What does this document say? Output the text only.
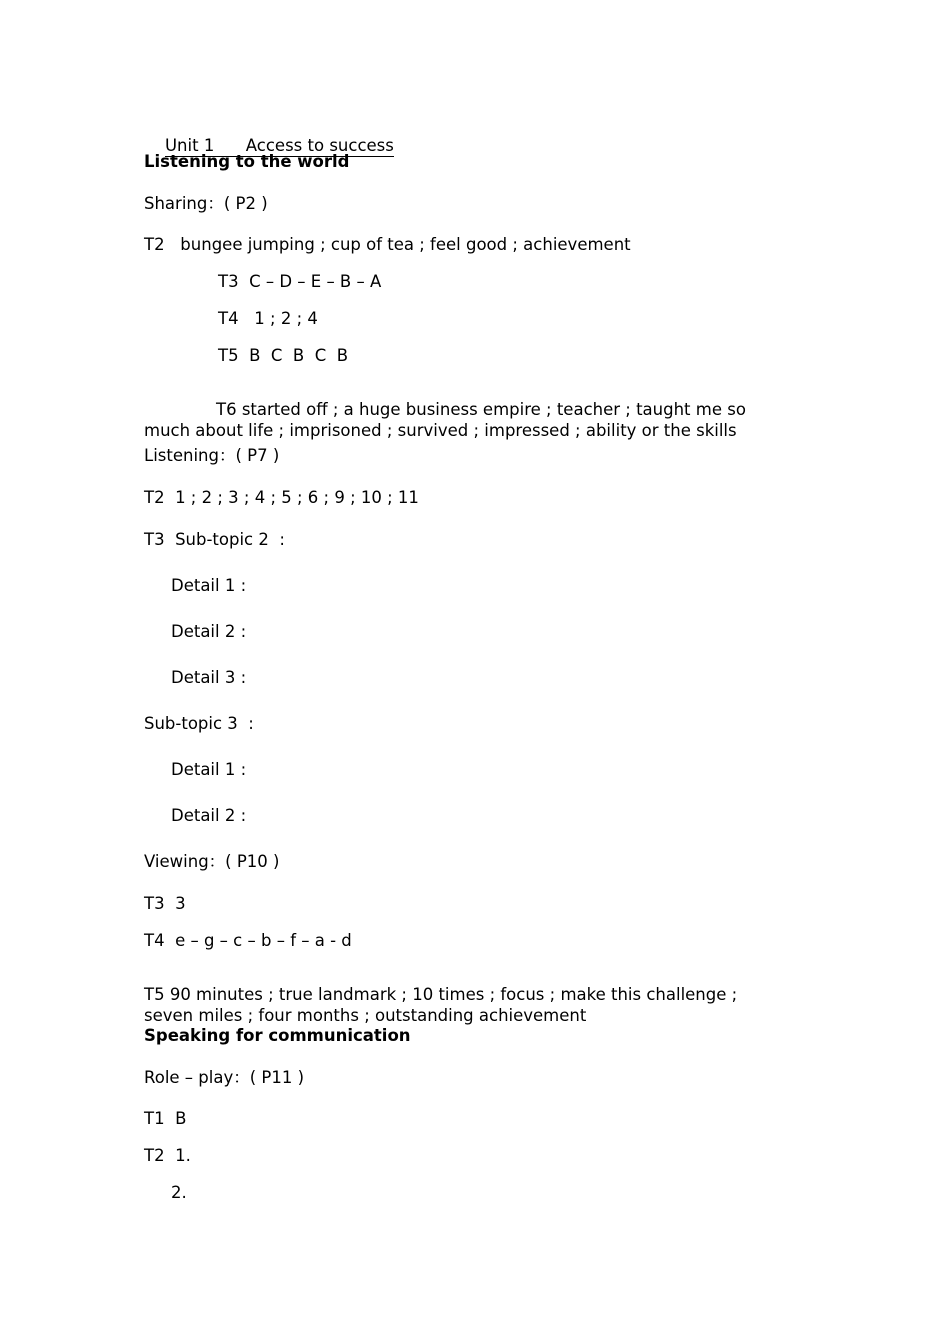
Unit 1      Access to success

Listening to the world

Sharing：( P2 )

T2   bungee jumping ; cup of tea ; feel good ; achievement

T3  C – D – E – B – A

T4   1 ; 2 ; 4

T5  B  C  B  C  B

T6 started off ; a huge business empire ; teacher ; taught me so much about life ; imprisoned ; survived ; impressed ; ability or the skills

Listening：( P7 )

T2  1 ; 2 ; 3 ; 4 ; 5 ; 6 ; 9 ; 10 ; 11

T3  Sub-topic 2  :

Detail 1 :

Detail 2 :

Detail 3 :

Sub-topic 3  :

Detail 1 :

Detail 2 :

Viewing：( P10 )

T3  3

T4  e – g – c – b – f – a - d

T5 90 minutes ; true landmark ; 10 times ; focus ; make this challenge ; seven miles ; four months ; outstanding achievement

Speaking for communication

Role – play：( P11 )

T1  B

T2  1.

2.
